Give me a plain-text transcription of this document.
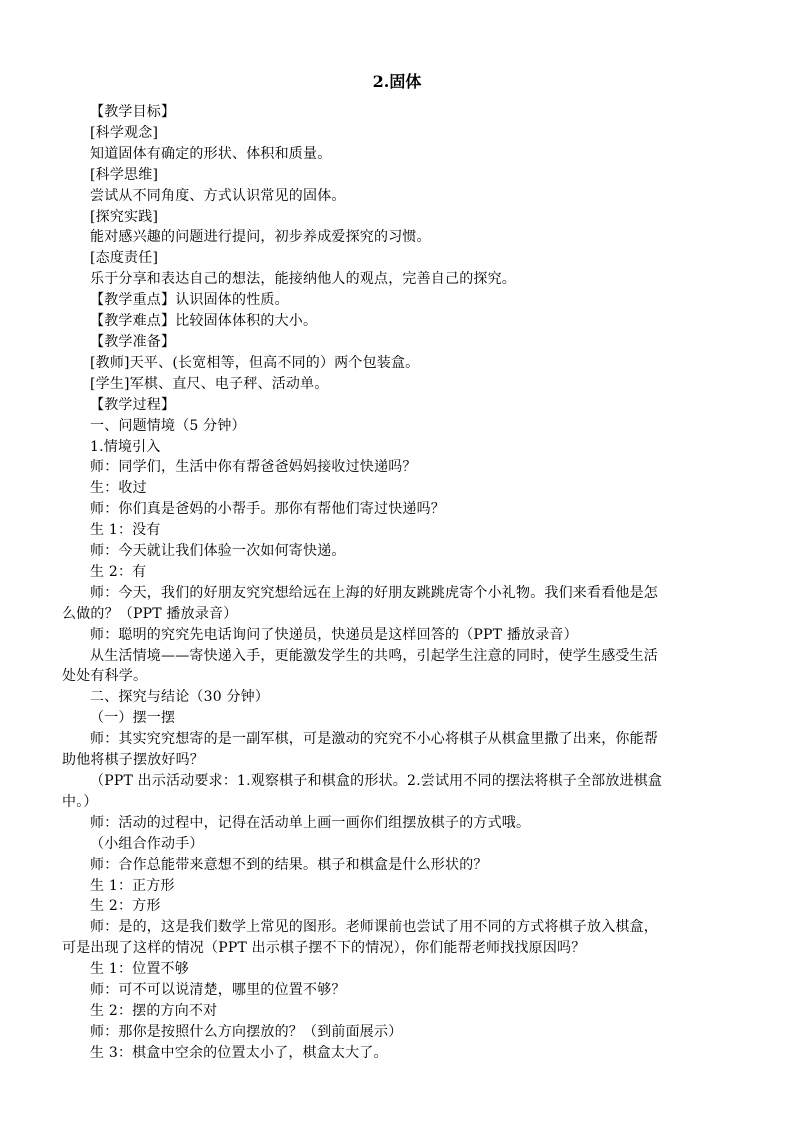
2.固体
【教学目标】
[科学观念]
知道固体有确定的形状、体积和质量。
[科学思维]
尝试从不同角度、方式认识常见的固体。
[探究实践]
能对感兴趣的问题进行提问，初步养成爱探究的习惯。
[态度责任]
乐于分享和表达自己的想法，能接纳他人的观点，完善自己的探究。
【教学重点】认识固体的性质。
【教学难点】比较固体体积的大小。
【教学准备】
[教师]天平、(长宽相等，但高不同的）两个包装盒。
[学生]军棋、直尺、电子秤、活动单。
【教学过程】
一、问题情境（5 分钟）
1.情境引入
师：同学们，生活中你有帮爸爸妈妈接收过快递吗？
生：收过
师：你们真是爸妈的小帮手。那你有帮他们寄过快递吗？
生 1：没有
师：今天就让我们体验一次如何寄快递。
生 2：有
师：今天，我们的好朋友究究想给远在上海的好朋友跳跳虎寄个小礼物。我们来看看他是怎
么做的？（PPT 播放录音）
师：聪明的究究先电话询问了快递员，快递员是这样回答的（PPT 播放录音）
从生活情境——寄快递入手，更能激发学生的共鸣，引起学生注意的同时，使学生感受生活
处处有科学。
二、探究与结论（30 分钟）
（一）摆一摆
师：其实究究想寄的是一副军棋，可是激动的究究不小心将棋子从棋盒里撒了出来，你能帮
助他将棋子摆放好吗？
（PPT 出示活动要求：1.观察棋子和棋盒的形状。2.尝试用不同的摆法将棋子全部放进棋盒
中。）
师：活动的过程中，记得在活动单上画一画你们组摆放棋子的方式哦。
（小组合作动手）
师：合作总能带来意想不到的结果。棋子和棋盒是什么形状的？
生 1：正方形
生 2：方形
师：是的，这是我们数学上常见的图形。老师课前也尝试了用不同的方式将棋子放入棋盒，
可是出现了这样的情况（PPT 出示棋子摆不下的情况），你们能帮老师找找原因吗？
生 1：位置不够
师：可不可以说清楚，哪里的位置不够？
生 2：摆的方向不对
师：那你是按照什么方向摆放的？（到前面展示）
生 3：棋盒中空余的位置太小了，棋盒太大了。
